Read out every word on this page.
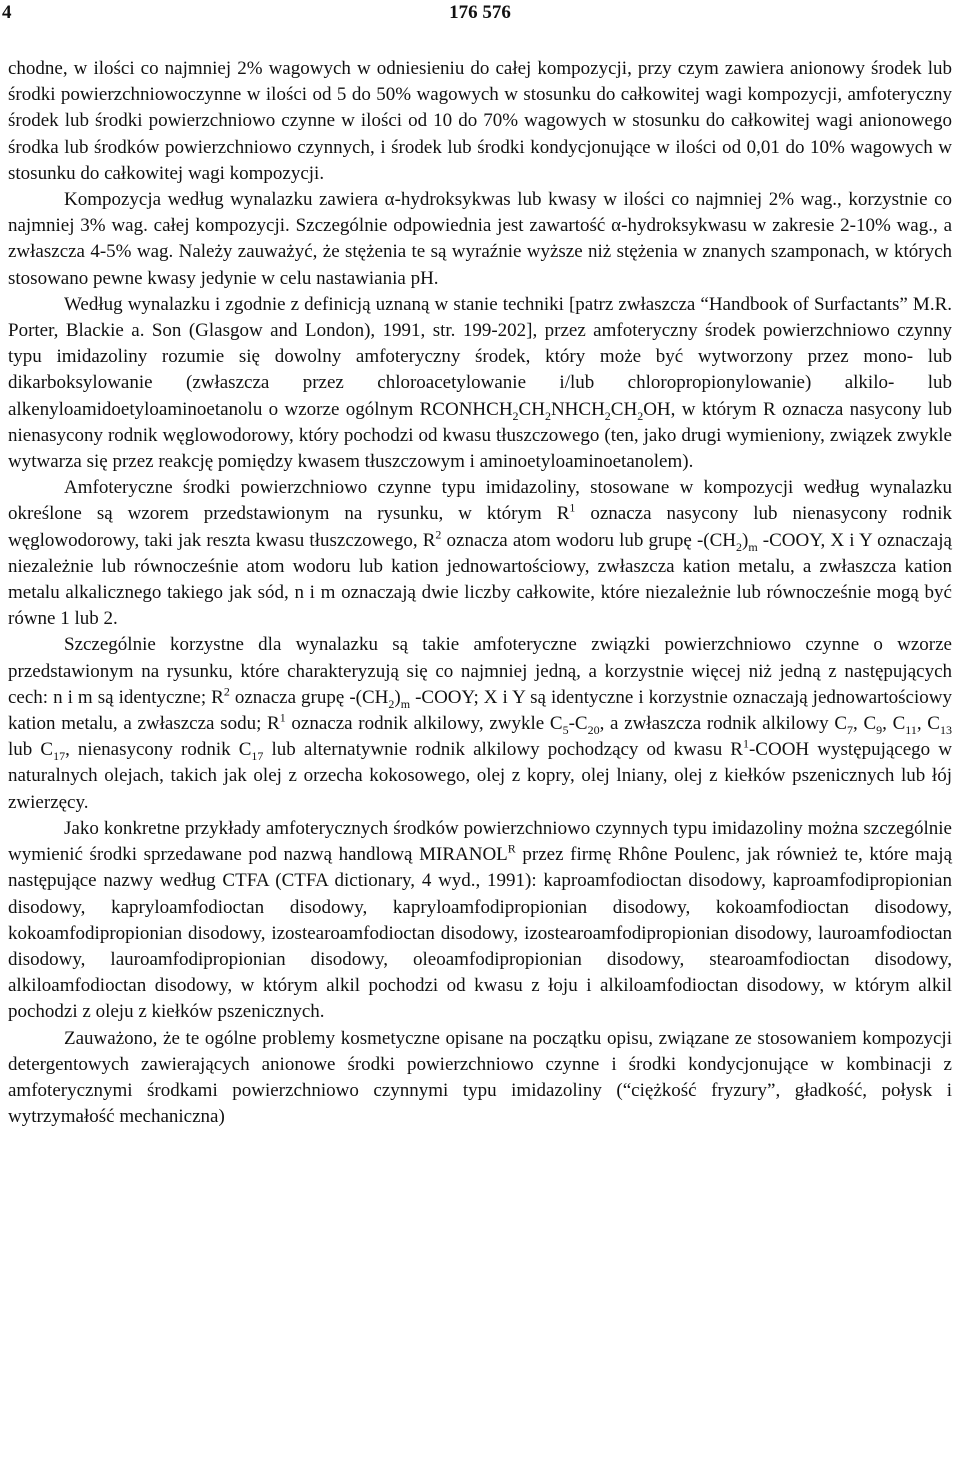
4	176 576

chodne, w ilości co najmniej 2% wagowych w odniesieniu do całej kompozycji, przy czym zawiera anionowy środek lub środki powierzchniowoczynne w ilości od 5 do 50% wagowych w stosunku do całkowitej wagi kompozycji, amfoteryczny środek lub środki powierzchniowo czynne w ilości od 10 do 70% wagowych w stosunku do całkowitej wagi anionowego środka lub środków powierzchniowo czynnych, i środek lub środki kondycjonujące w ilości od 0,01 do 10% wagowych w stosunku do całkowitej wagi kompozycji.

Kompozycja według wynalazku zawiera α-hydroksykwas lub kwasy w ilości co najmniej 2% wag., korzystnie co najmniej 3% wag. całej kompozycji. Szczególnie odpowiednia jest zawartość α-hydroksykwasu w zakresie 2-10% wag., a zwłaszcza 4-5% wag. Należy zauważyć, że stężenia te są wyraźnie wyższe niż stężenia w znanych szamponach, w których stosowano pewne kwasy jedynie w celu nastawiania pH.

Według wynalazku i zgodnie z definicją uznaną w stanie techniki [patrz zwłaszcza “Handbook of Surfactants” M.R. Porter, Blackie a. Son (Glasgow and London), 1991, str. 199-202], przez amfoteryczny środek powierzchniowo czynny typu imidazoliny rozumie się dowolny amfoteryczny środek, który może być wytworzony przez mono- lub dikarboksylowanie (zwłaszcza przez chloroacetylowanie i/lub chloropropionylowanie) alkilo- lub alkenyloamidoetyloaminoetanolu o wzorze ogólnym $RCONHCH_2CH_2NHCH_2CH_2OH$, w którym R oznacza nasycony lub nienasycony rodnik węglowodorowy, który pochodzi od kwasu tłuszczowego (ten, jako drugi wymieniony, związek zwykle wytwarza się przez reakcję pomiędzy kwasem tłuszczowym i aminoetyloaminoetanolem).

Amfoteryczne środki powierzchniowo czynne typu imidazoliny, stosowane w kompozycji według wynalazku określone są wzorem przedstawionym na rysunku, w którym $R^1$ oznacza nasycony lub nienasycony rodnik węglowodorowy, taki jak reszta kwasu tłuszczowego, $R^2$ oznacza atom wodoru lub grupę $-(CH_2)_m$ -COOY, X i Y oznaczają niezależnie lub równocześnie atom wodoru lub kation jednowartościowy, zwłaszcza kation metalu, a zwłaszcza kation metalu alkalicznego takiego jak sód, n i m oznaczają dwie liczby całkowite, które niezależnie lub równocześnie mogą być równe 1 lub 2.

Szczególnie korzystne dla wynalazku są takie amfoteryczne związki powierzchniowo czynne o wzorze przedstawionym na rysunku, które charakteryzują się co najmniej jedną, a korzystnie więcej niż jedną z następujących cech: n i m są identyczne; $R^2$ oznacza grupę $-(CH_2)_m$ -COOY; X i Y są identyczne i korzystnie oznaczają jednowartościowy kation metalu, a zwłaszcza sodu; $R^1$ oznacza rodnik alkilowy, zwykle $C_5-C_{20}$, a zwłaszcza rodnik alkilowy $C_7$, $C_9$, $C_{11}$, $C_{13}$ lub $C_{17}$, nienasycony rodnik $C_{17}$ lub alternatywnie rodnik alkilowy pochodzący od kwasu $R^1$-COOH występującego w naturalnych olejach, takich jak olej z orzecha kokosowego, olej z kopry, olej lniany, olej z kiełków pszenicznych lub łój zwierzęcy.

Jako konkretne przykłady amfoterycznych środków powierzchniowo czynnych typu imidazoliny można szczególnie wymienić środki sprzedawane pod nazwą handlową $MIRANOL^R$ przez firmę Rhône Poulenc, jak również te, które mają następujące nazwy według CTFA (CTFA dictionary, 4 wyd., 1991): kaproamfodioctan disodowy, kaproamfodipropionian disodowy, kapryloamfodioctan disodowy, kapryloamfodipropionian disodowy, kokoamfodioctan disodowy, kokoamfodipropionian disodowy, izostearoamfodioctan disodowy, izostearoamfodipropionian disodowy, lauroamfodioctan disodowy, lauroamfodipropionian disodowy, oleoamfodipropionian disodowy, stearoamfodioctan disodowy, alkiloamfodioctan disodowy, w którym alkil pochodzi od kwasu z łoju i alkiloamfodioctan disodowy, w którym alkil pochodzi z oleju z kiełków pszenicznych.

Zauważono, że te ogólne problemy kosmetyczne opisane na początku opisu, związane ze stosowaniem kompozycji detergentowych zawierających anionowe środki powierzchniowo czynne i środki kondycjonujące w kombinacji z amfoterycznymi środkami powierzchniowo czynnymi typu imidazoliny (“ciężkość fryzury”, gładkość, połysk i wytrzymałość mechaniczna)
